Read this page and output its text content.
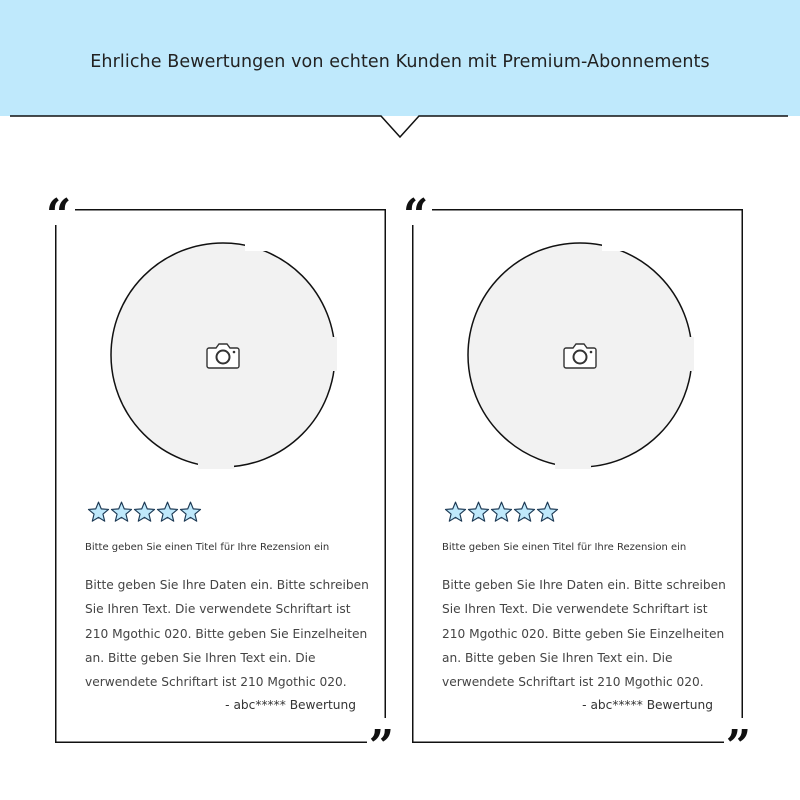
Ehrliche Bewertungen von echten Kunden mit Premium-Abonnements
“
”
Bitte geben Sie einen Titel für Ihre Rezension ein
Bitte geben Sie Ihre Daten ein. Bitte schreiben
Sie Ihren Text. Die verwendete Schriftart ist
210 Mgothic 020. Bitte geben Sie Einzelheiten
an. Bitte geben Sie Ihren Text ein. Die
verwendete Schriftart ist 210 Mgothic 020.
- abc***** Bewertung
“
”
Bitte geben Sie einen Titel für Ihre Rezension ein
Bitte geben Sie Ihre Daten ein. Bitte schreiben
Sie Ihren Text. Die verwendete Schriftart ist
210 Mgothic 020. Bitte geben Sie Einzelheiten
an. Bitte geben Sie Ihren Text ein. Die
verwendete Schriftart ist 210 Mgothic 020.
- abc***** Bewertung
